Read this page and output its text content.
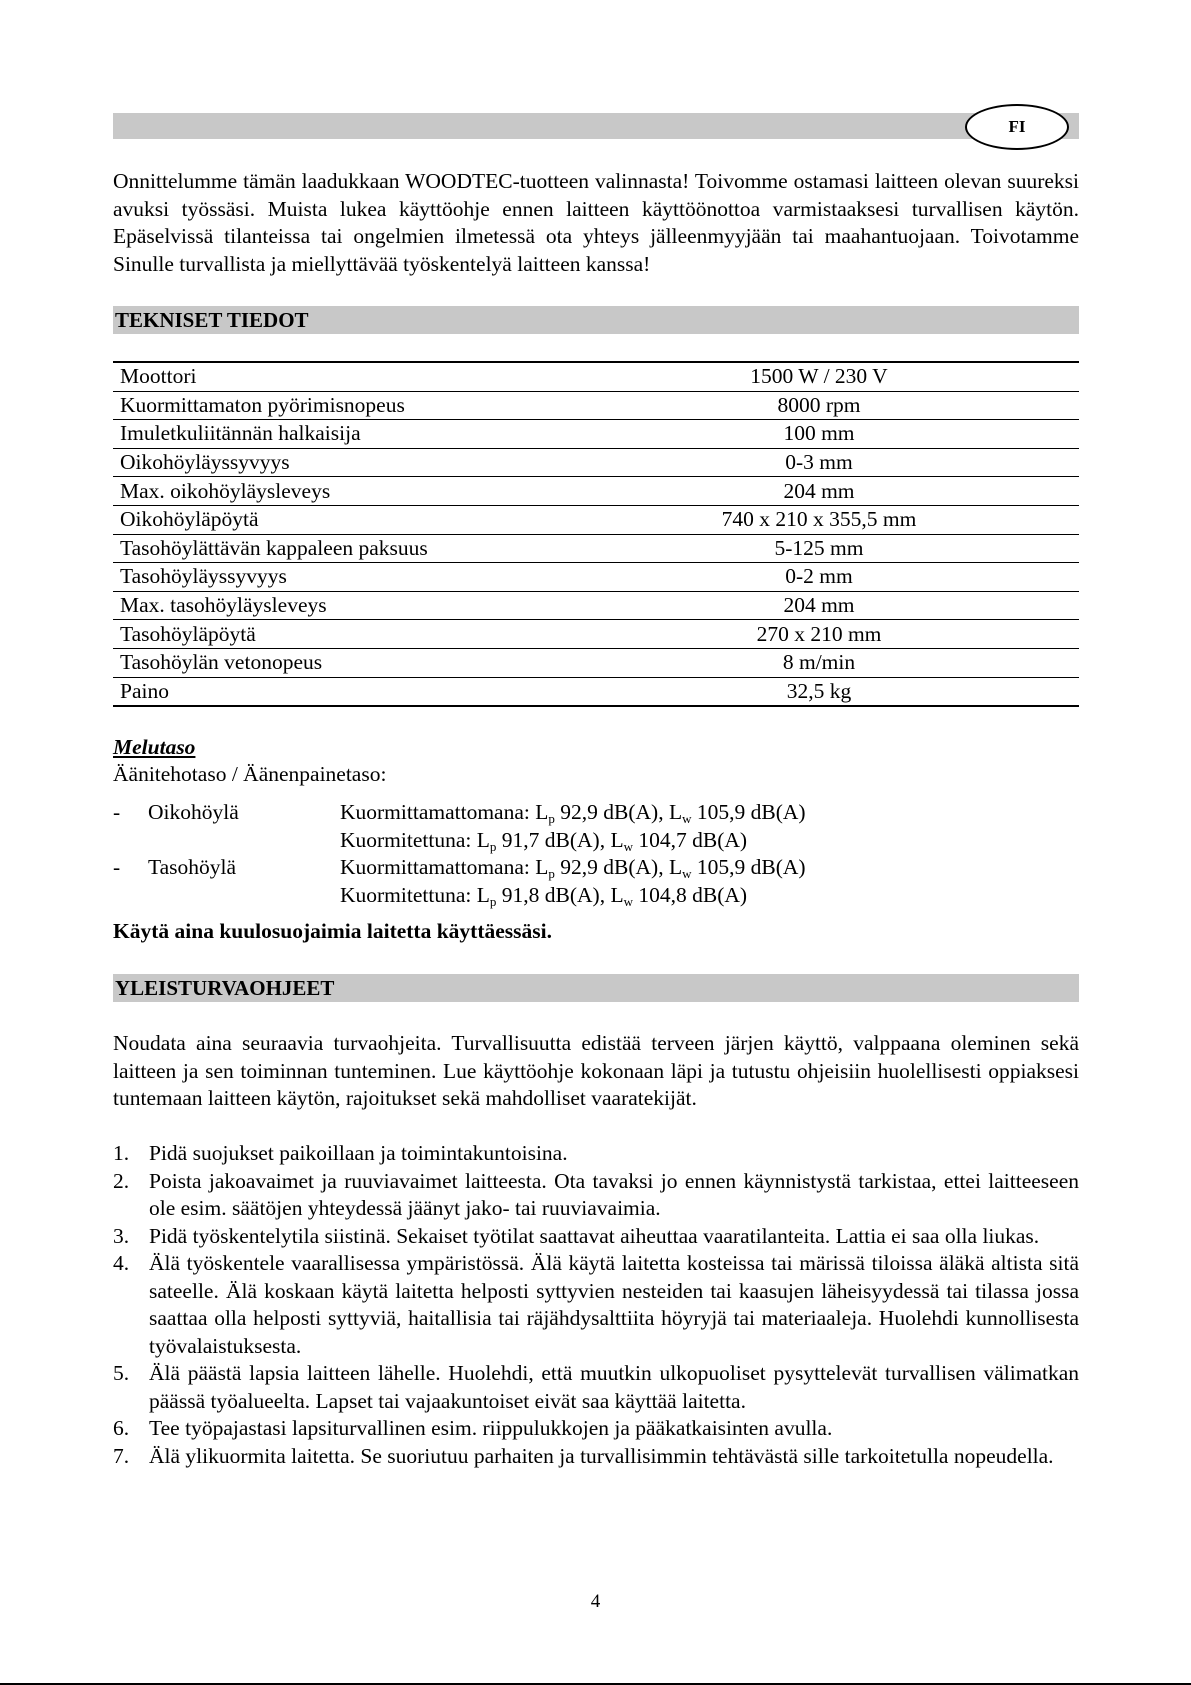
FI

Onnittelumme tämän laadukkaan WOODTEC-tuotteen valinnasta! Toivomme ostamasi laitteen olevan suureksi avuksi työssäsi. Muista lukea käyttöohje ennen laitteen käyttöönottoa varmistaaksesi turvallisen käytön. Epäselvissä tilanteissa tai ongelmien ilmetessä ota yhteys jälleenmyyjään tai maahantuojaan. Toivotamme Sinulle turvallista ja miellyttävää työskentelyä laitteen kanssa!

TEKNISET TIEDOT
Moottori	1500 W / 230 V
Kuormittamaton pyörimisnopeus	8000 rpm
Imuletkuliitännän halkaisija	100 mm
Oikohöyläyssyvyys	0-3 mm
Max. oikohöyläysleveys	204 mm
Oikohöyläpöytä	740 x 210 x 355,5 mm
Tasohöylättävän kappaleen paksuus	5-125 mm
Tasohöyläyssyvyys	0-2 mm
Max. tasohöyläysleveys	204 mm
Tasohöyläpöytä	270 x 210 mm
Tasohöylän vetonopeus	8 m/min
Paino	32,5 kg
Melutaso
Äänitehotaso / Äänenpainetaso:
- Oikohöylä	Kuormittamattomana: $L_p$ 92,9 dB(A), $L_w$ 105,9 dB(A)
Kuormitettuna: $L_p$ 91,7 dB(A), $L_w$ 104,7 dB(A)
- Tasohöylä	Kuormittamattomana: $L_p$ 92,9 dB(A), $L_w$ 105,9 dB(A)
Kuormitettuna: $L_p$ 91,8 dB(A), $L_w$ 104,8 dB(A)
Käytä aina kuulosuojaimia laitetta käyttäessäsi.
YLEISTURVAOHJEET

Noudata aina seuraavia turvaohjeita. Turvallisuutta edistää terveen järjen käyttö, valppaana oleminen sekä laitteen ja sen toiminnan tunteminen. Lue käyttöohje kokonaan läpi ja tutustu ohjeisiin huolellisesti oppiaksesi tuntemaan laitteen käytön, rajoitukset sekä mahdolliset vaaratekijät.

1. Pidä suojukset paikoillaan ja toimintakuntoisina.
2. Poista jakoavaimet ja ruuviavaimet laitteesta. Ota tavaksi jo ennen käynnistystä tarkistaa, ettei laitteeseen ole esim. säätöjen yhteydessä jäänyt jako- tai ruuviavaimia.
3. Pidä työskentelytila siistinä. Sekaiset työtilat saattavat aiheuttaa vaaratilanteita. Lattia ei saa olla liukas.
4. Älä työskentele vaarallisessa ympäristössä. Älä käytä laitetta kosteissa tai märissä tiloissa äläkä altista sitä sateelle. Älä koskaan käytä laitetta helposti syttyvien nesteiden tai kaasujen läheisyydessä tai tilassa jossa saattaa olla helposti syttyviä, haitallisia tai räjähdysalttiita höyryjä tai materiaaleja. Huolehdi kunnollisesta työvalaistuksesta.
5. Älä päästä lapsia laitteen lähelle. Huolehdi, että muutkin ulkopuoliset pysyttelevät turvallisen välimatkan päässä työalueelta. Lapset tai vajaakuntoiset eivät saa käyttää laitetta.
6. Tee työpajastasi lapsiturvallinen esim. riippulukkojen ja pääkatkaisinten avulla.
7. Älä ylikuormita laitetta. Se suoriutuu parhaiten ja turvallisimmin tehtävästä sille tarkoitetulla nopeudella.
4
